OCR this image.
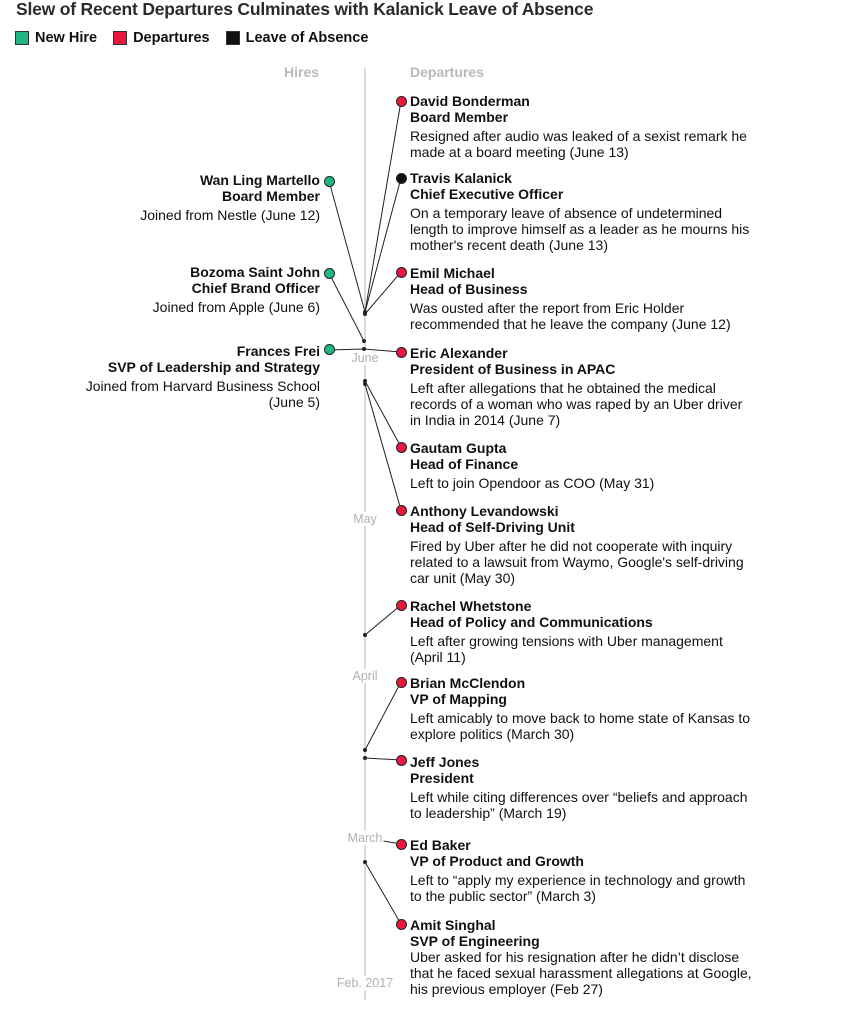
Slew of Recent Departures Culminates with Kalanick Leave of Absence
New Hire Departures Leave of Absence
Hires	Departures
June
May
April
March
Feb. 2017
Wan Ling Martello
Board Member
Joined from Nestle (June 12)
Bozoma Saint John
Chief Brand Officer
Joined from Apple (June 6)
Frances Frei
SVP of Leadership and Strategy
Joined from Harvard Business School (June 5)
David Bonderman
Board Member
Resigned after audio was leaked of a sexist remark he made at a board meeting (June 13)
Travis Kalanick
Chief Executive Officer
On a temporary leave of absence of undetermined length to improve himself as a leader as he mourns his mother's recent death (June 13)
Emil Michael
Head of Business
Was ousted after the report from Eric Holder recommended that he leave the company (June 12)
Eric Alexander
President of Business in APAC
Left after allegations that he obtained the medical records of a woman who was raped by an Uber driver in India in 2014 (June 7)
Gautam Gupta
Head of Finance
Left to join Opendoor as COO (May 31)
Anthony Levandowski
Head of Self-Driving Unit
Fired by Uber after he did not cooperate with inquiry related to a lawsuit from Waymo, Google's self-driving car unit (May 30)
Rachel Whetstone
Head of Policy and Communications
Left after growing tensions with Uber management (April 11)
Brian McClendon
VP of Mapping
Left amicably to move back to home state of Kansas to explore politics (March 30)
Jeff Jones
President
Left while citing differences over “beliefs and approach to leadership” (March 19)
Ed Baker
VP of Product and Growth
Left to “apply my experience in technology and growth to the public sector” (March 3)
Amit Singhal
SVP of Engineering
Uber asked for his resignation after he didn’t disclose that he faced sexual harassment allegations at Google, his previous employer (Feb 27)
